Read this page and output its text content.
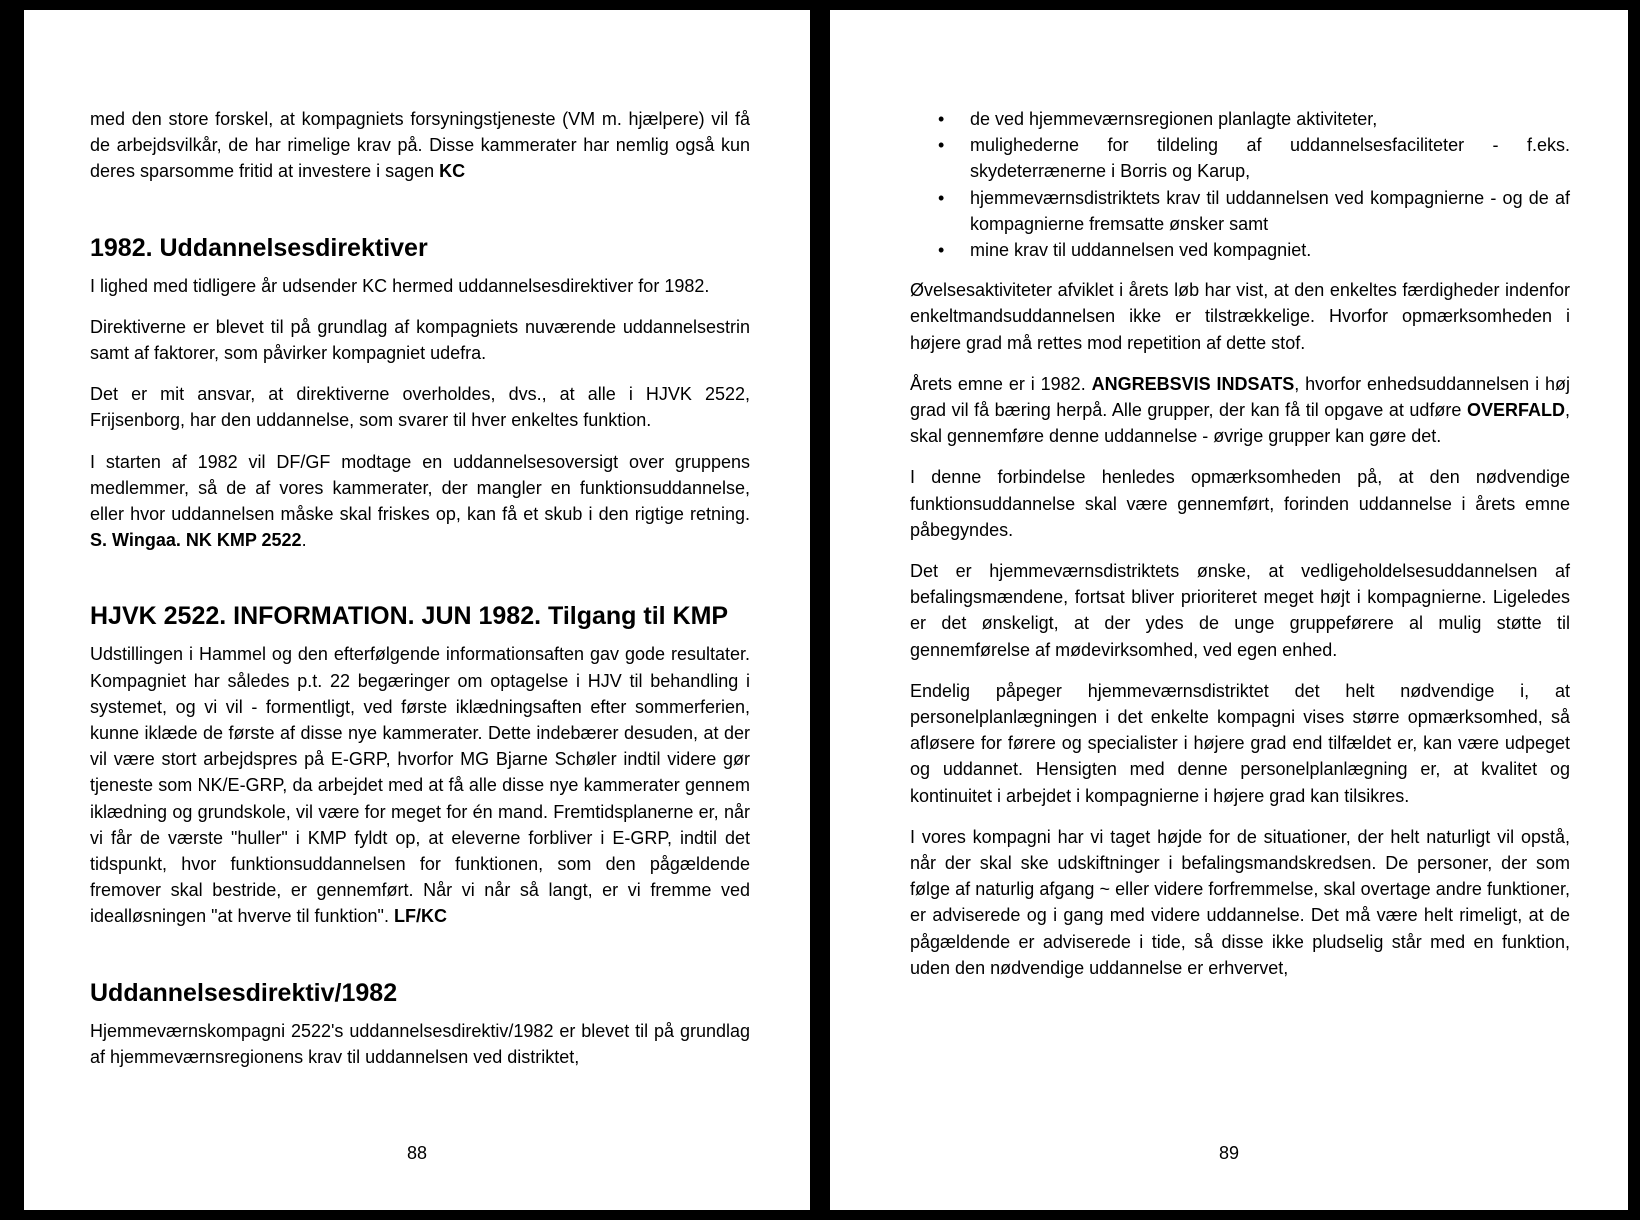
med den store forskel, at kompagniets forsyningstjeneste (VM m. hjælpere) vil få de arbejdsvilkår, de har rimelige krav på. Disse kammerater har nemlig også kun deres sparsomme fritid at investere i sagen KC

1982. Uddannelsesdirektiver

I lighed med tidligere år udsender KC hermed uddannelsesdirektiver for 1982.

Direktiverne er blevet til på grundlag af kompagniets nuværende uddannelsestrin samt af faktorer, som påvirker kompagniet udefra.

Det er mit ansvar, at direktiverne overholdes, dvs., at alle i HJVK 2522, Frijsenborg, har den uddannelse, som svarer til hver enkeltes funktion.

I starten af 1982 vil DF/GF modtage en uddannelsesoversigt over gruppens medlemmer, så de af vores kammerater, der mangler en funktionsuddannelse, eller hvor uddannelsen måske skal friskes op, kan få et skub i den rigtige retning. S. Wingaa. NK KMP 2522.

HJVK 2522. INFORMATION. JUN 1982. Tilgang til KMP

Udstillingen i Hammel og den efterfølgende informationsaften gav gode resultater. Kompagniet har således p.t. 22 begæringer om optagelse i HJV til behandling i systemet, og vi vil - formentligt, ved første iklædningsaften efter sommerferien, kunne iklæde de første af disse nye kammerater. Dette indebærer desuden, at der vil være stort arbejdspres på E-GRP, hvorfor MG Bjarne Schøler indtil videre gør tjeneste som NK/E-GRP, da arbejdet med at få alle disse nye kammerater gennem iklædning og grundskole, vil være for meget for én mand. Fremtidsplanerne er, når vi får de værste "huller" i KMP fyldt op, at eleverne forbliver i E-GRP, indtil det tidspunkt, hvor funktionsuddannelsen for funktionen, som den pågældende fremover skal bestride, er gennemført. Når vi når så langt, er vi fremme ved idealløsningen "at hverve til funktion". LF/KC

Uddannelsesdirektiv/1982

Hjemmeværnskompagni 2522's uddannelsesdirektiv/1982 er blevet til på grundlag af hjemmeværnsregionens krav til uddannelsen ved distriktet,

88
• de ved hjemmeværnsregionen planlagte aktiviteter,
• mulighederne for tildeling af uddannelsesfaciliteter - f.eks. skydeterrænerne i Borris og Karup,
• hjemmeværnsdistriktets krav til uddannelsen ved kompagnierne - og de af kompagnierne fremsatte ønsker samt
• mine krav til uddannelsen ved kompagniet.

Øvelsesaktiviteter afviklet i årets løb har vist, at den enkeltes færdigheder indenfor enkeltmandsuddannelsen ikke er tilstrækkelige. Hvorfor opmærksomheden i højere grad må rettes mod repetition af dette stof.

Årets emne er i 1982. ANGREBSVIS INDSATS, hvorfor enhedsuddannelsen i høj grad vil få bæring herpå. Alle grupper, der kan få til opgave at udføre OVERFALD, skal gennemføre denne uddannelse - øvrige grupper kan gøre det.

I denne forbindelse henledes opmærksomheden på, at den nødvendige funktionsuddannelse skal være gennemført, forinden uddannelse i årets emne påbegyndes.

Det er hjemmeværnsdistriktets ønske, at vedligeholdelsesuddannelsen af befalingsmændene, fortsat bliver prioriteret meget højt i kompagnierne. Ligeledes er det ønskeligt, at der ydes de unge gruppeførere al mulig støtte til gennemførelse af mødevirksomhed, ved egen enhed.

Endelig påpeger hjemmeværnsdistriktet det helt nødvendige i, at personelplanlægningen i det enkelte kompagni vises større opmærksomhed, så afløsere for førere og specialister i højere grad end tilfældet er, kan være udpeget og uddannet. Hensigten med denne personelplanlægning er, at kvalitet og kontinuitet i arbejdet i kompagnierne i højere grad kan tilsikres.

I vores kompagni har vi taget højde for de situationer, der helt naturligt vil opstå, når der skal ske udskiftninger i befalingsmandskredsen. De personer, der som følge af naturlig afgang ~ eller videre forfremmelse, skal overtage andre funktioner, er adviserede og i gang med videre uddannelse. Det må være helt rimeligt, at de pågældende er adviserede i tide, så disse ikke pludselig står med en funktion, uden den nødvendige uddannelse er erhvervet,

89
